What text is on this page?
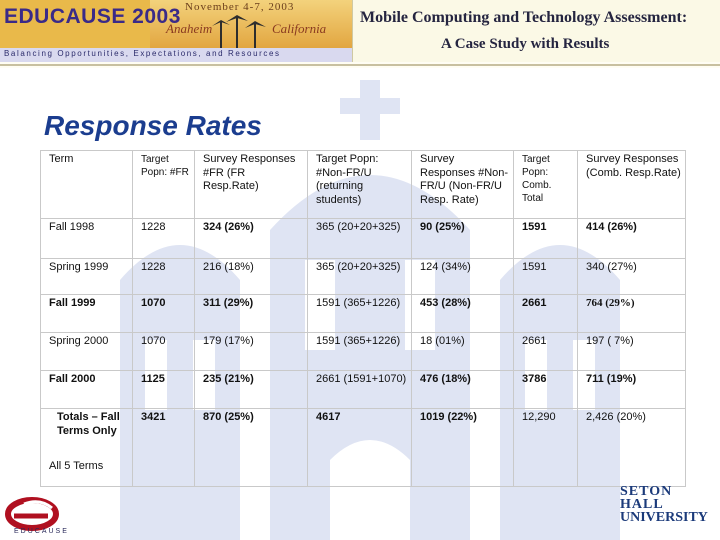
EDUCAUSE 2003 November 4-7, 2003
Anaheim	California
Balancing Opportunities, Expectations, and Resources
Mobile Computing and Technology Assessment:
A Case Study with Results
Response Rates
Term	Target Popn: #FR	Survey Responses #FR (FR Resp.Rate)	Target Popn: #Non-FR/U (returning students)	Survey Responses #Non-FR/U (Non-FR/U Resp. Rate)	Target Popn: Comb. Total	Survey Responses (Comb. Resp.Rate)
Fall 1998	1228	324 (26%)	365 (20+20+325)	90 (25%)	1591	414 (26%)
Spring 1999	1228	216 (18%)	365 (20+20+325)	124 (34%)	1591	340 (27%)
Fall 1999	1070	311 (29%)	1591 (365+1226)	453 (28%)	2661	764 (29%)
Spring 2000	1070	179 (17%)	1591 (365+1226)	18 (01%)	2661	197 ( 7%)
Fall 2000	1125	235 (21%)	2661 (1591+1070)	476 (18%)	3786	711 (19%)

Totals – Fall Terms Only
All 5 Terms	3421	870 (25%)	4617	1019 (22%)	12,290	2,426 (20%)
EDUCAUSE
SETON
HALL
UNIVERSITY
